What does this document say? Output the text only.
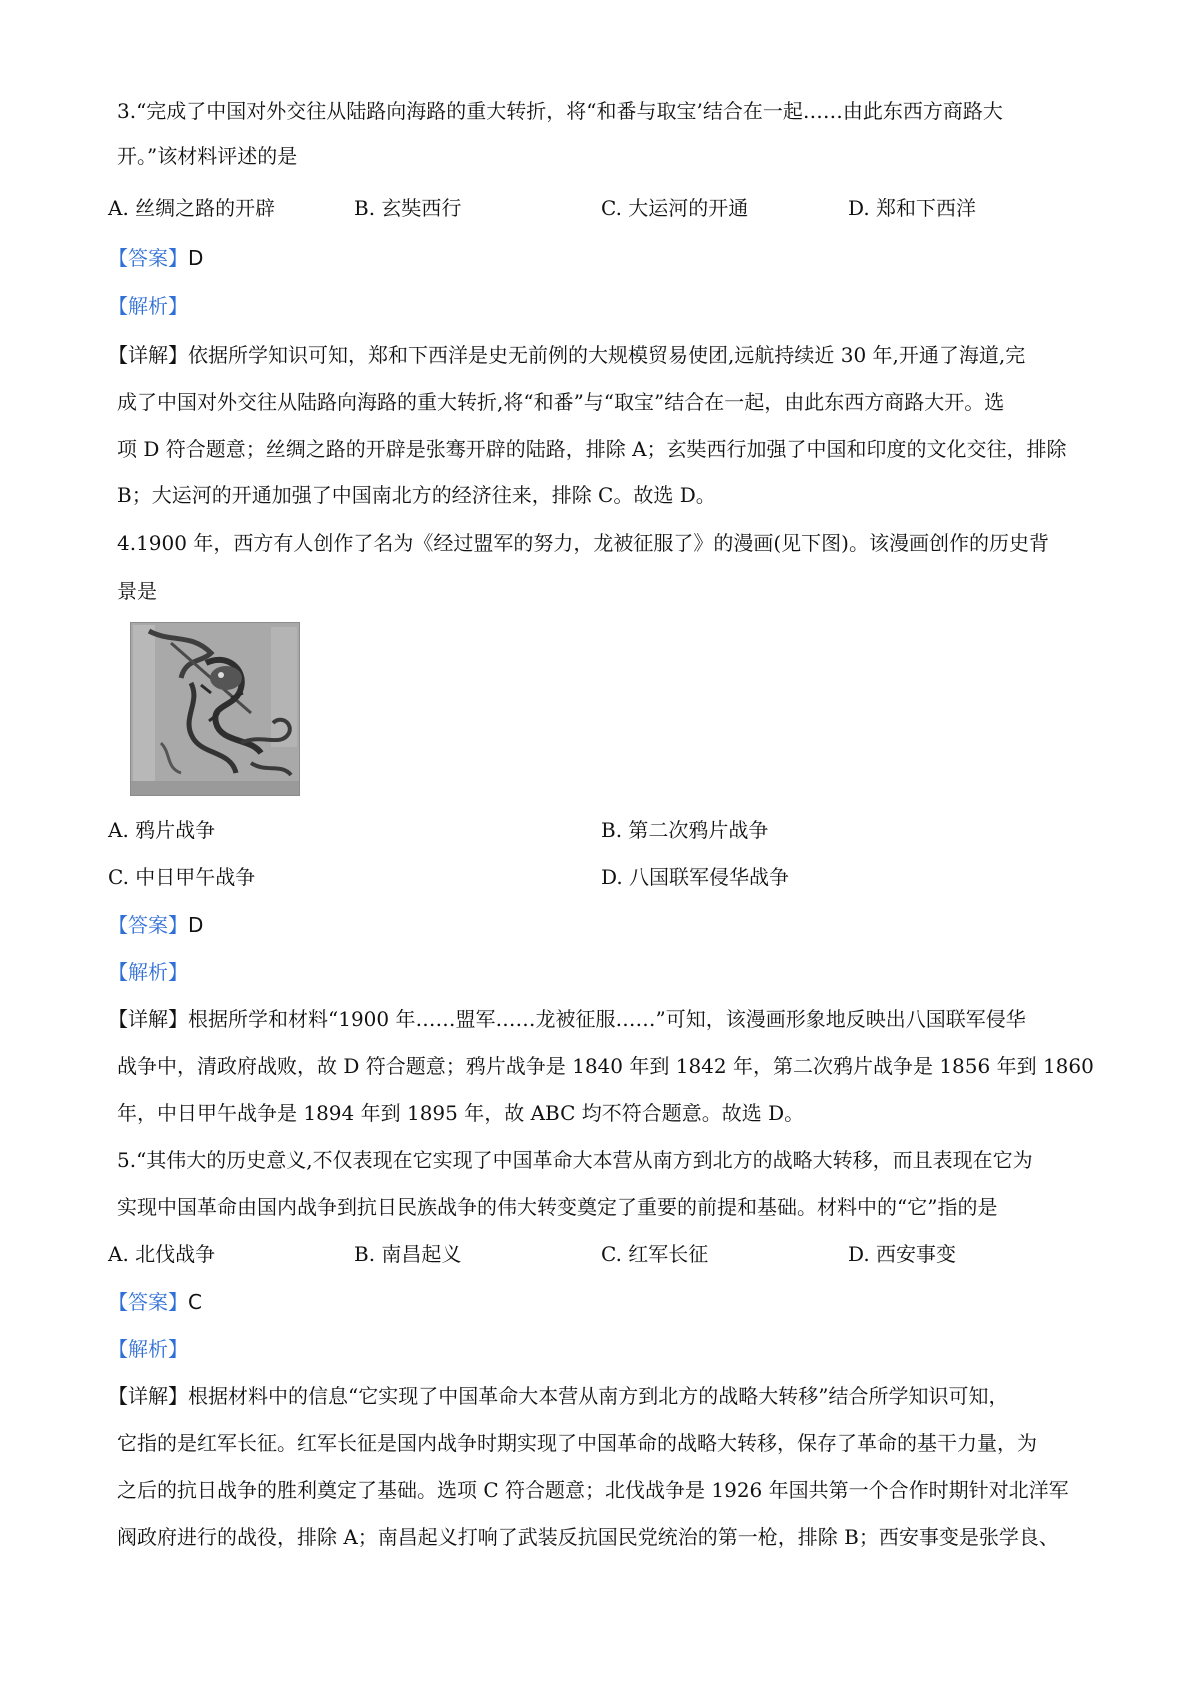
3.“完成了中国对外交往从陆路向海路的重大转折，将“和番与取宝’结合在一起……由此东西方商路大
开。”该材料评述的是
A. 丝绸之路的开辟	B. 玄奘西行	C. 大运河的开通	D. 郑和下西洋
【答案】D
【解析】
【详解】依据所学知识可知，郑和下西洋是史无前例的大规模贸易使团,远航持续近 30 年,开通了海道,完
成了中国对外交往从陆路向海路的重大转折,将“和番”与“取宝”结合在一起，由此东西方商路大开。选
项 D 符合题意；丝绸之路的开辟是张骞开辟的陆路，排除 A；玄奘西行加强了中国和印度的文化交往，排除
B；大运河的开通加强了中国南北方的经济往来，排除 C。故选 D。
4.1900 年，西方有人创作了名为《经过盟军的努力，龙被征服了》的漫画(见下图)。该漫画创作的历史背
景是
A. 鸦片战争	B. 第二次鸦片战争
C. 中日甲午战争	D. 八国联军侵华战争
【答案】D
【解析】
【详解】根据所学和材料“1900 年……盟军……龙被征服……”可知，该漫画形象地反映出八国联军侵华
战争中，清政府战败，故 D 符合题意；鸦片战争是 1840 年到 1842 年，第二次鸦片战争是 1856 年到 1860
年，中日甲午战争是 1894 年到 1895 年，故 ABC 均不符合题意。故选 D。
5.“其伟大的历史意义,不仅表现在它实现了中国革命大本营从南方到北方的战略大转移，而且表现在它为
实现中国革命由国内战争到抗日民族战争的伟大转变奠定了重要的前提和基础。材料中的“它”指的是
A. 北伐战争	B. 南昌起义	C. 红军长征	D. 西安事变
【答案】C
【解析】
【详解】根据材料中的信息“它实现了中国革命大本营从南方到北方的战略大转移”结合所学知识可知，
它指的是红军长征。红军长征是国内战争时期实现了中国革命的战略大转移，保存了革命的基干力量，为
之后的抗日战争的胜利奠定了基础。选项 C 符合题意；北伐战争是 1926 年国共第一个合作时期针对北洋军
阀政府进行的战役，排除 A；南昌起义打响了武装反抗国民党统治的第一枪，排除 B；西安事变是张学良、
